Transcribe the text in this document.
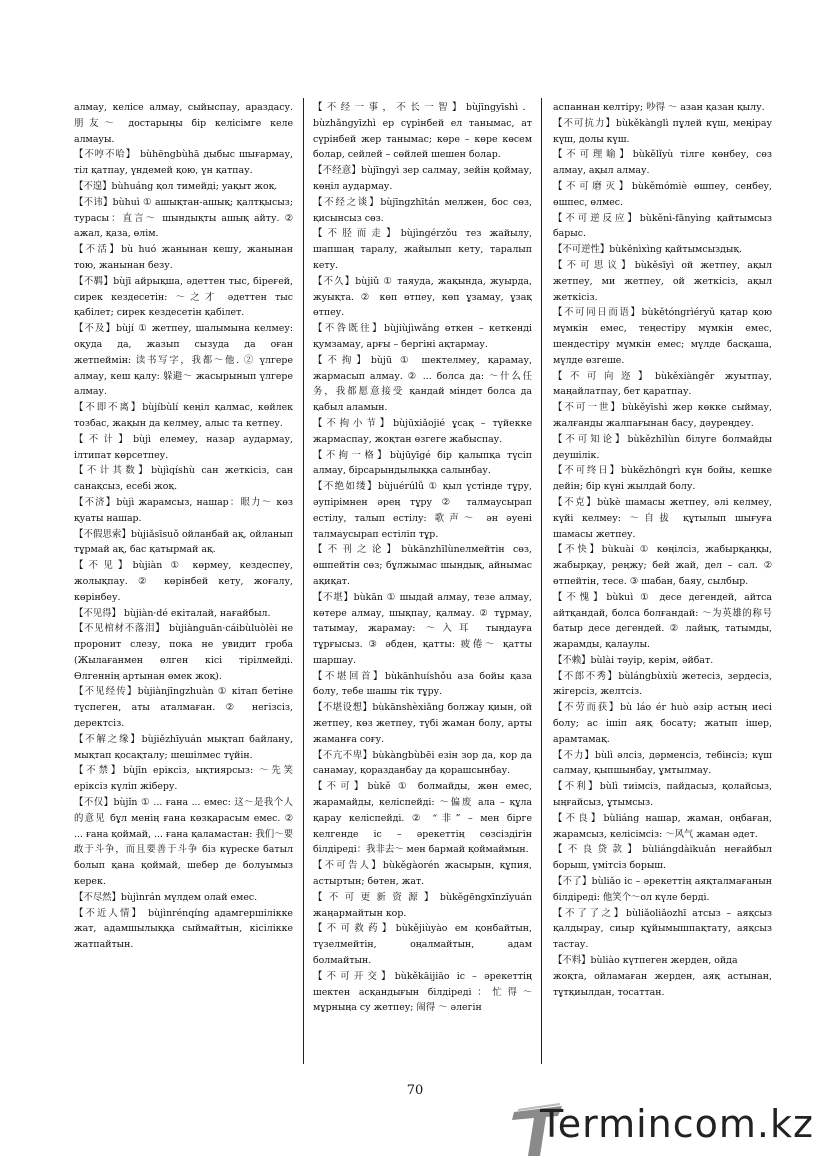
алмау, келісе алмау, сыйыспау, араздасу. 朋友～ достарыңы бір келісімге келе алмауы.

【不哼不哈】 bùhēngbùhā дыбыс шығармау, тіл қатпау, үндемей қою, үн қатпау.

【不遑】bùhuáng қол тимейді; уақыт жоқ.

【不讳】bùhuì ① ашықтан-ашық; қалтқысыз; турасы：直言～ шындықты ашық айту. ② ажал, қаза, өлім.

【不活】bù huó жанынан кешу, жанынан тою, жанынан безу.

【不羁】bùjī айрықша, әдеттен тыс, біреғей, сирек кездесетін: ～之才 әдеттен тыс қабілет; сирек кездесетін қабілет.

【不及】bùjí ① жетпеу, шалымына келмеу: оқуда да, жазып сызуда да оған жетпеймін: 读书写字，我都～他. ② үлгере алмау, кеш қалу: 躲避～ жасырынып үлгере алмау.

【不即不离】bùjíbùlí кеңіл қалмас, көйлек тозбас, жақын да келмеу, алыс та кетпеу.

【不计】bùjì елемеу, назар аудармау, ілтипат көрсетпеу.

【不计其数】bùjìqíshù сан жеткісіз, сан санақсыз, есебі жоқ.

【不济】bùjì жарамсыз, нашар：眼力～ көз қуаты нашар.

【不假思索】bùjiǎsīsuǒ ойланбай ақ, ойланып тұрмай ақ, бас қатырмай ақ.

【不见】bùjiàn ① көрмеу, кездеспеу, жолықпау. ② көрінбей кету, жоғалу, көрінбеу.

【不见得】 bùjiàn·dé екіталай, нағайбыл.

【不见棺材不落泪】 bùjiànguān·cáibùluòlèi не проронит слезу, пока не увидит гроба (Жылағанмен өлген кісі тірілмейді. Өлгеннің артынан өмек жоқ).

【不见经传】bùjiànjīngzhuàn ① кітап бетіне түспеген, аты аталмаған. ② негізсіз, деректсіз.

【不解之缘】bùjiězhīyuán мықтап байлану, мықтап қосақталу; шешілмес түйін.

【不禁】bùjīn еріксіз, ықтиярсыз: ～先笑 еріксіз күліп жіберу.

【不仅】bùjǐn ① ... ғана ... емес: 这～是我个人的意见 бұл менің ғана көзқарасым емес. ② ... ғана қоймай, ... ғана қаламастан: 我们～要敢于斗争，而且要善于斗争 біз күреске батыл болып қана қоймай, шебер де болуымыз керек.

【不尽然】bùjìnrán мүлдем олай емес.

【不近人情】 bùjìnrénqíng адамгершілікке жат, адамшылыққа сыймайтын, кісілікке жатпайтын.

【不经一事，不长一智】bùjīngyīshì．bùzhǎngyīzhì ер сүрінбей ел танымас, ат сүрінбей жер танымас; көре – көре көсем болар, сейлей – сөйлей шешен болар.

【不经意】bùjīngyì зер салмау, зейін қоймау, көңіл аудармау.

【不经之谈】bùjīngzhītán мелжен, бос сөз, қисынсыз сөз.

【不胫而走】bùjìngérzǒu тез жайылу, шапшаң таралу, жайылып кету, таралып кету.

【不久】bùjiǔ ① таяуда, жақында, жуырда, жуықта. ② көп өтпеу, көп ұзамау, ұзақ өтпеу.

【不咎既往】bùjiùjìwǎng өткен – кеткенді қумзамау, арғы – бергіні ақтармау.

【不拘】bùjū ① шектелмеу, қарамау, жармасып алмау. ② ... болса да: ～什么任务，我都愿意接受 қандай міндет болса да қабыл аламын.

【不拘小节】bùjūxiǎojié ұсақ – түйекке жармаспау, жоқтан өзгеге жабыспау.

【不拘一格】bùjūyīgé бір қалыпқа түсіп алмау, бірсарындылыққа салынбау.

【不绝如缕】bùjuérúlǚ ① қыл үстінде тұру, әупірімнен әрең тұру ② талмаусырап естілу, талып естілу: 歌声～ ән әуені талмаусырап естіліп тұр.

【不刊之论】bùkānzhīlùnелмейтін сөз, өшпейтін сөз; бұлжымас шындық, айнымас ақиқат.

【不堪】bùkān ① шыдай алмау, тезе алмау, көтере алмау, шықпау, қалмау. ② тұрмау, татымау, жарамау: ～入耳 тыңдауға тұрғысыз. ③ әбден, қатты: 疲倦～ қатты шаршау.

【不堪回首】bùkānhuíshǒu аза бойы қаза болу, тебе шашы тік тұру.

【不堪设想】bùkānshèxiǎng болжау қиын, ой жетпеу, көз жетпеу, түбі жаман болу, арты жаманға соғу.

【不亢不卑】bùkàngbùbēi езін зор да, кор да санамау, қоразданбау да қорашсынбау.

【不可】bùkě ① болмайды, жөн емес, жарамайды, келіспейді: ～偏废 ала – құла қарау келіспейді. ② “非” – мен бірге келгенде іс – әрекеттің сөзсіздігін білдіреді：我非去～ мен бармай қоймаймын.

【不可告人】bùkěgàorén жасырын, құпия, астыртын; бөтен, жат.

【不可更新资源】bùkěgēngxīnzīyuán жаңармайтын кор.

【不可救药】bùkějiùyào ем қонбайтын, түзелмейтін, оңалмайтын, адам болмайтын.

【不可开交】bùkěkāijiāo іс – әрекеттің шектен асқандығын білдіреді：忙得～ мұрныңа су жетпеу; 闹得 ～ әлегін

аспаннан келтіру; 吵得 ～ азан қазан қылу.

【不可抗力】bùkěkànglì пұлей күш, меңірау күш, долы күш.

【不可理喻】bùkělǐyù тілге көнбеу, сөз алмау, ақыл алмау.

【不可磨灭】bùkěmómiè өшпеу, сенбеу, өшпес, өлмес.

【不可逆反应】bùkěnì-fǎnyìng қайтымсыз барыс.

【不可逆性】bùkěnìxìng қайтымсыздық.

【不可思议】bùkěsīyì ой жетпеу, ақыл жетпеу, ми жетпеу, ой жеткісіз, ақыл жеткісіз.

【不可同日而语】bùkětóngrìéryǔ қатар қою мүмкін емес, теңестіру мүмкін емес, шендестіру мүмкін емес; мүлде басқаша, мүлде өзгеше.

【不可向迩】bùkěxiàngěr жуытпау, маңайлатпау, бет қаратпау.

【不可一世】bùkěyīshì жер көкке сыймау, жалғанды жалпағынан басу, дәуреңдеу.

【不可知论】bùkězhīlùn білуге болмайды деушілік.

【不可终日】bùkězhōngrì күн бойы, кешке дейін; бір күні жылдай болу.

【不克】bùkè шамасы жетпеу, әлі келмеу, күйі келмеу: ～自拔 құтылып шығуға шамасы жетпеу.

【不快】bùkuài ① көңілсіз, жабырқаңқы, жабырқау, реңжу; бей жай, дел – сал. ② өтпейтін, тесе. ③ шабан, баяу, сылбыр.

【不愧】bùkuì ① десе дегендей, айтса айтқандай, болса болғандай: ～为英雄的称号 батыр десе дегендей. ② лайық, татымды, жарамды, қалаулы.

【不赖】bùlài тәуір, керім, әйбат.

【不郎不秀】bùlángbùxiù жетесіз, зердесіз, жігерсіз, желтсіз.

【不劳而获】bù láo ér huò әзір астың иесі болу; ас ішіп аяқ босату; жатып ішер, арамтамақ.

【不力】bùlì әлсіз, дәрменсіз, тебінсіз; күш салмау, қыпшынбау, ұмтылмау.

【不利】bùlì тиімсіз, пайдасыз, қолайсыз, ыңғайсыз, ұтымсыз.

【不良】bùliáng нашар, жаман, оңбаған, жарамсыз, келісімсіз: ～风气 жаман әдет.

【不良贷款】bùliángdàikuǎn неғайбыл борыш, үмітсіз борыш.

【不了】bùliǎo іс – әрекеттің аяқталмағанын білдіреді: 他笑个～ол күле берді.

【不了了之】bùliǎoliǎozhī атсыз – аяқсыз қалдырау, сиыр құйымышпақтату, аяқсыз тастау.

【不料】bùliào күтпеген жерден, ойда

жоқта, ойламаған жерден, аяқ астынан, тұтқиылдан, тосаттан.

70
Termincom.kz
